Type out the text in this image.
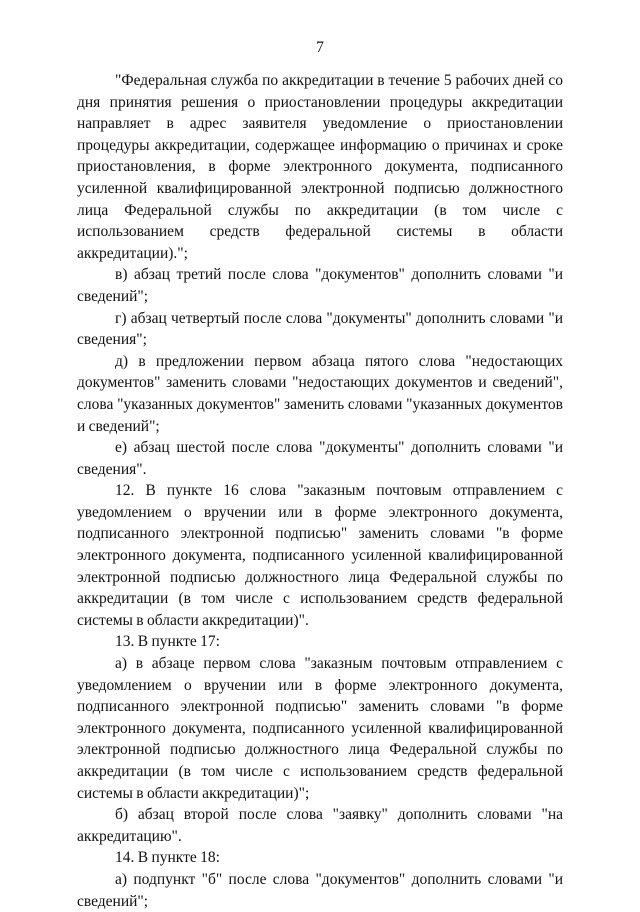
7

"Федеральная служба по аккредитации в течение 5 рабочих дней со дня принятия решения о приостановлении процедуры аккредитации направляет в адрес заявителя уведомление о приостановлении процедуры аккредитации, содержащее информацию о причинах и сроке приостановления, в форме электронного документа, подписанного усиленной квалифицированной электронной подписью должностного лица Федеральной службы по аккредитации (в том числе с использованием средств федеральной системы в области аккредитации).";

в) абзац третий после слова "документов" дополнить словами "и сведений";

г) абзац четвертый после слова "документы" дополнить словами "и сведения";

д) в предложении первом абзаца пятого слова "недостающих документов" заменить словами "недостающих документов и сведений", слова "указанных документов" заменить словами "указанных документов и сведений";

е) абзац шестой после слова "документы" дополнить словами "и сведения".

12. В пункте 16 слова "заказным почтовым отправлением с уведомлением о вручении или в форме электронного документа, подписанного электронной подписью" заменить словами "в форме электронного документа, подписанного усиленной квалифицированной электронной подписью должностного лица Федеральной службы по аккредитации (в том числе с использованием средств федеральной системы в области аккредитации)".

13. В пункте 17:

а) в абзаце первом слова "заказным почтовым отправлением с уведомлением о вручении или в форме электронного документа, подписанного электронной подписью" заменить словами "в форме электронного документа, подписанного усиленной квалифицированной электронной подписью должностного лица Федеральной службы по аккредитации (в том числе с использованием средств федеральной системы в области аккредитации)";

б) абзац второй после слова "заявку" дополнить словами "на аккредитацию".

14. В пункте 18:

а) подпункт "б" после слова "документов" дополнить словами "и сведений";
